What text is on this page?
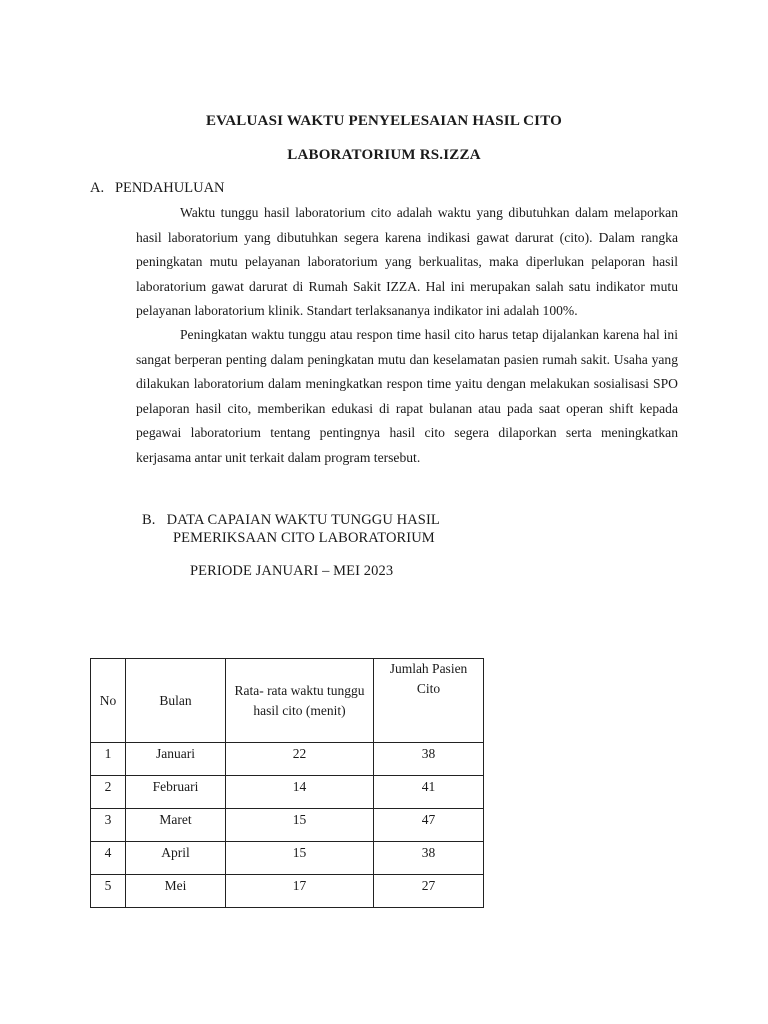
EVALUASI WAKTU PENYELESAIAN HASIL CITO
LABORATORIUM RS.IZZA
A.   PENDAHULUAN

Waktu tunggu hasil laboratorium cito adalah waktu yang dibutuhkan dalam melaporkan hasil laboratorium yang dibutuhkan segera karena indikasi gawat darurat (cito). Dalam rangka peningkatan mutu pelayanan laboratorium yang berkualitas, maka diperlukan pelaporan hasil laboratorium gawat darurat di Rumah Sakit IZZA. Hal ini merupakan salah satu indikator mutu pelayanan laboratorium klinik. Standart terlaksananya indikator ini adalah 100%.

Peningkatan waktu tunggu atau respon time hasil cito harus tetap dijalankan karena hal ini sangat berperan penting dalam peningkatan mutu dan keselamatan pasien rumah sakit. Usaha yang dilakukan laboratorium dalam meningkatkan respon time yaitu dengan melakukan sosialisasi SPO pelaporan hasil cito, memberikan edukasi di rapat bulanan atau pada saat operan shift kepada pegawai laboratorium tentang pentingnya hasil cito segera dilaporkan serta meningkatkan kerjasama antar unit terkait dalam program tersebut.

B.   DATA CAPAIAN WAKTU TUNGGU HASIL
PEMERIKSAAN CITO LABORATORIUM
PERIODE JANUARI – MEI 2023
No	Bulan	Rata- rata waktu tunggu hasil cito (menit)	Jumlah Pasien Cito
1	Januari	22	38
2	Februari	14	41
3	Maret	15	47
4	April	15	38
5	Mei	17	27
